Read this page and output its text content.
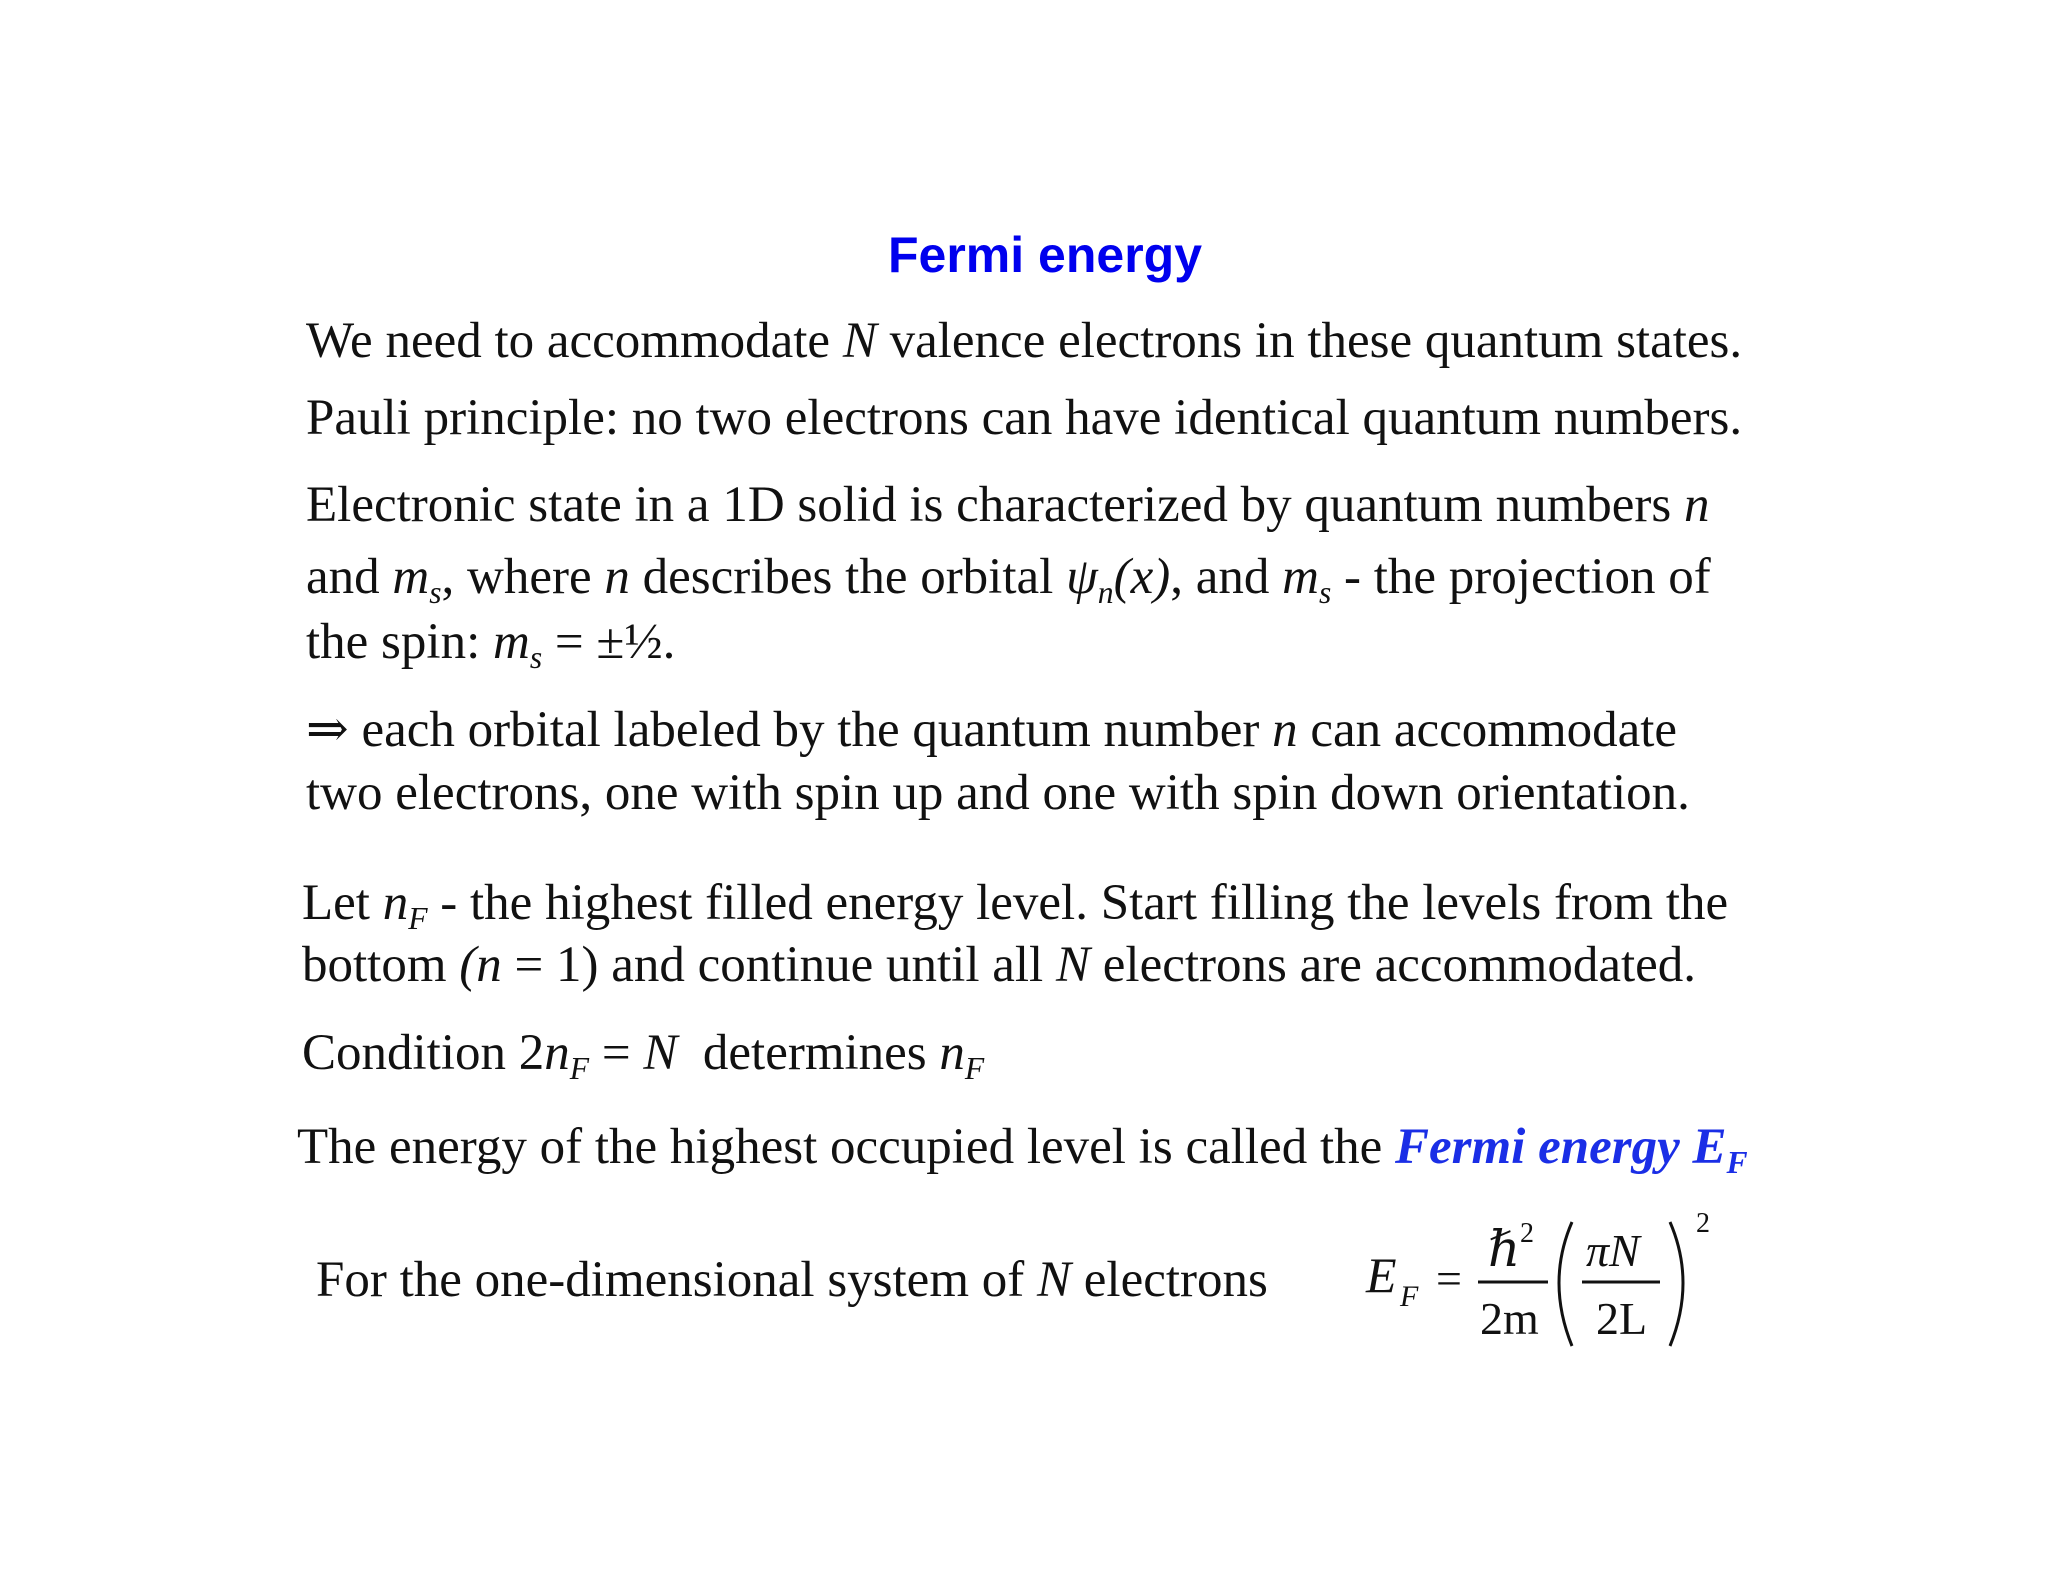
Fermi energy
We need to accommodate N valence electrons in these quantum states.
Pauli principle: no two electrons can have identical quantum numbers.
Electronic state in a 1D solid is characterized by quantum numbers n
and $m_s$, where n describes the orbital $\psi_n(x)$, and $m_s$ - the projection of
the spin: $m_s$ = ±½.
⇒ each orbital labeled by the quantum number n can accommodate
two electrons, one with spin up and one with spin down orientation.
Let $n_F$ - the highest filled energy level. Start filling the levels from the
bottom (n = 1) and continue until all N electrons are accommodated.
Condition $2n_F = N$  determines $n_F$
The energy of the highest occupied level is called the Fermi energy $E_F$
For the one-dimensional system of N electrons E F =
ℏ 2
2m
πN
2L
2
